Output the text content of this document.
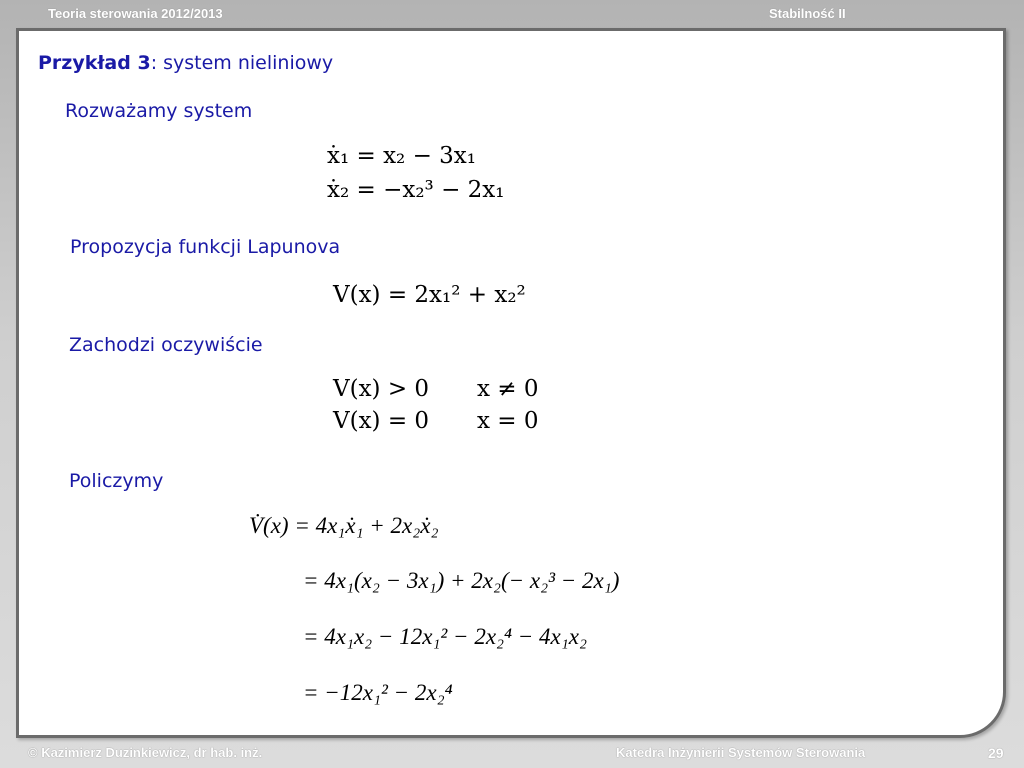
Teoria sterowania 2012/2013	Stabilność II
Przykład 3: system nieliniowy
Rozważamy system
ẋ₁ = x₂ − 3x₁
ẋ₂ = −x₂³ − 2x₁
Propozycja funkcji Lapunova
V(x) = 2x₁² + x₂²
Zachodzi oczywiście
V(x) > 0 x ≠ 0
V(x) = 0 x = 0
Policzymy
V̇(x) = 4x₁ẋ₁ + 2x₂ẋ₂
= 4x₁(x₂ − 3x₁) + 2x₂(− x₂³ − 2x₁)
= 4x₁x₂ − 12x₁² − 2x₂⁴ − 4x₁x₂
= −12x₁² − 2x₂⁴
© Kazimierz Duzinkiewicz, dr hab. inż.	Katedra Inżynierii Systemów Sterowania	29
